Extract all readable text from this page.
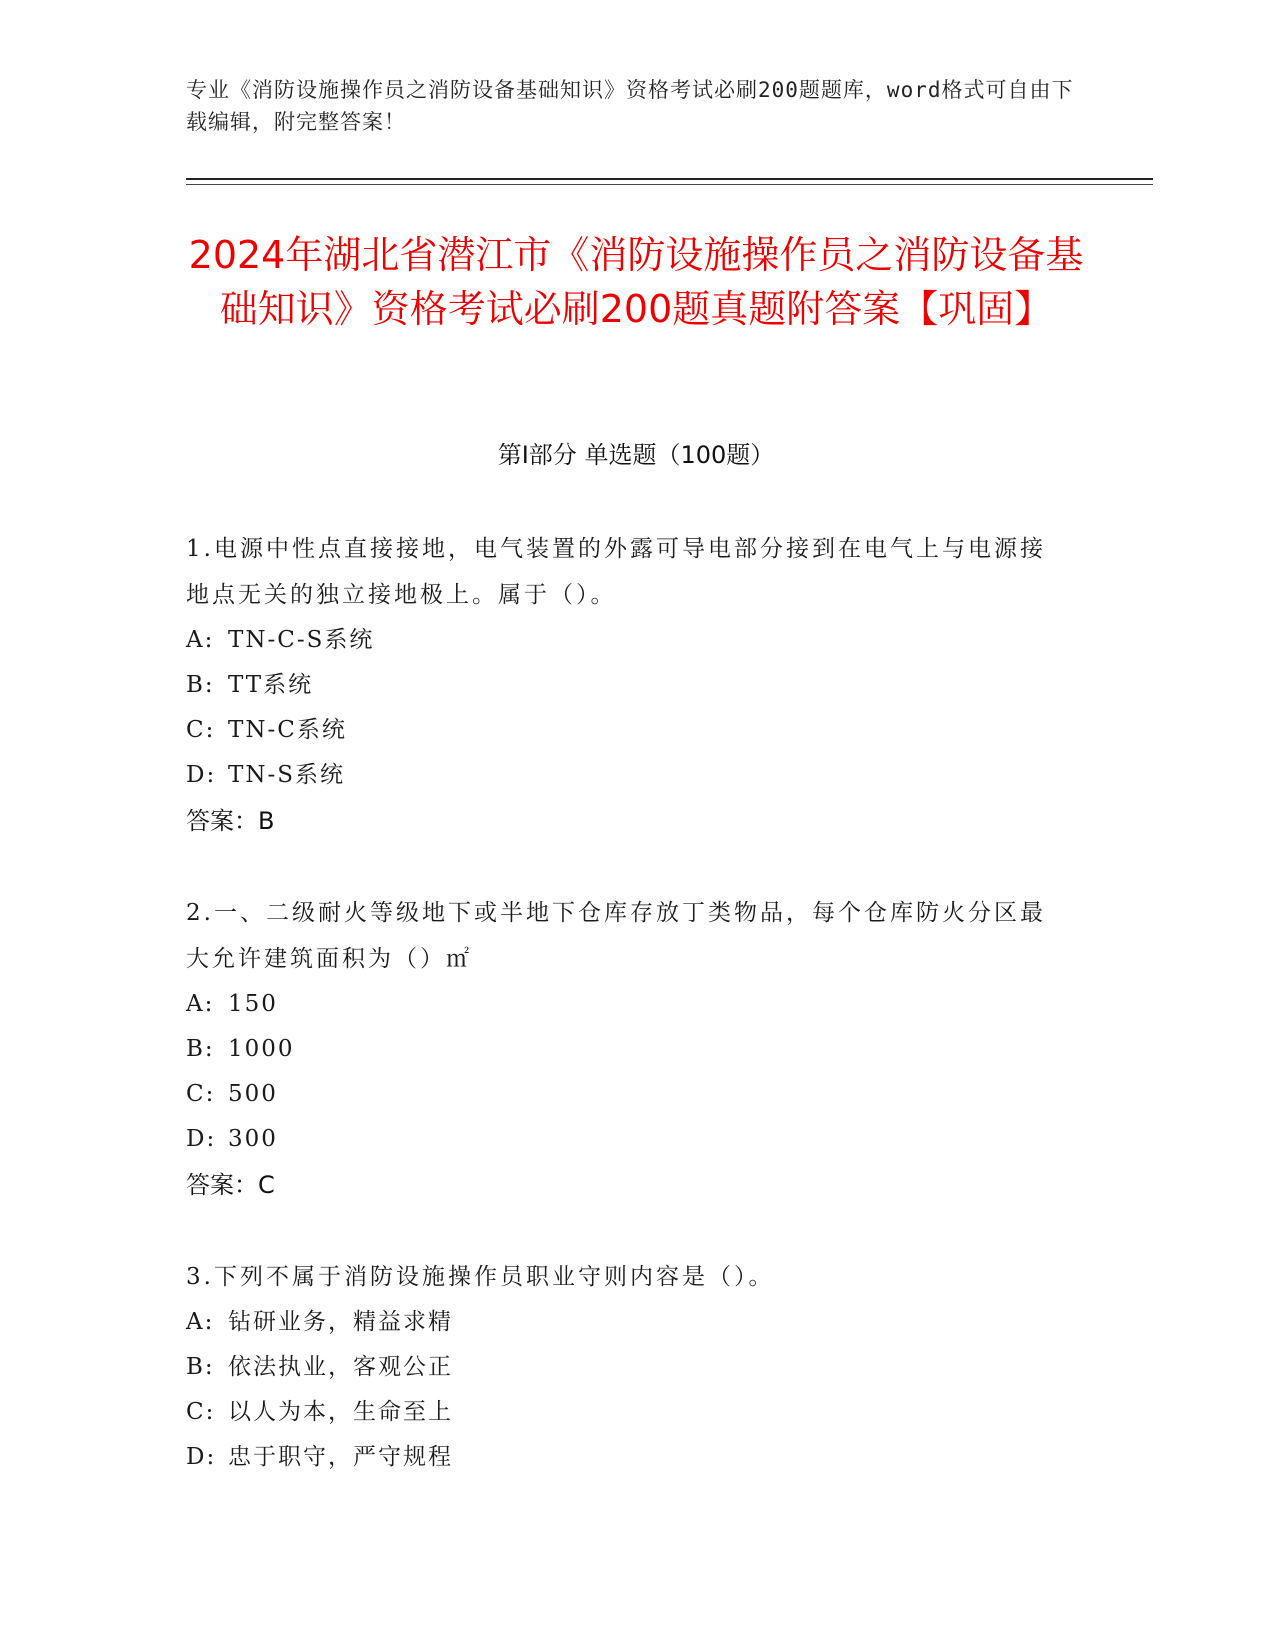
专业《消防设施操作员之消防设备基础知识》资格考试必刷200题题库，word格式可自由下载编辑，附完整答案！
2024年湖北省潜江市《消防设施操作员之消防设备基础知识》资格考试必刷200题真题附答案【巩固】
第I部分 单选题（100题）
1.电源中性点直接接地，电气装置的外露可导电部分接到在电气上与电源接地点无关的独立接地极上。属于（）。
A: TN-C-S系统
B: TT系统
C: TN-C系统
D: TN-S系统
答案：B
2.一、二级耐火等级地下或半地下仓库存放丁类物品，每个仓库防火分区最大允许建筑面积为（）㎡
A: 150
B: 1000
C: 500
D: 300
答案：C
3.下列不属于消防设施操作员职业守则内容是（）。
A: 钻研业务，精益求精
B: 依法执业，客观公正
C: 以人为本，生命至上
D: 忠于职守，严守规程
